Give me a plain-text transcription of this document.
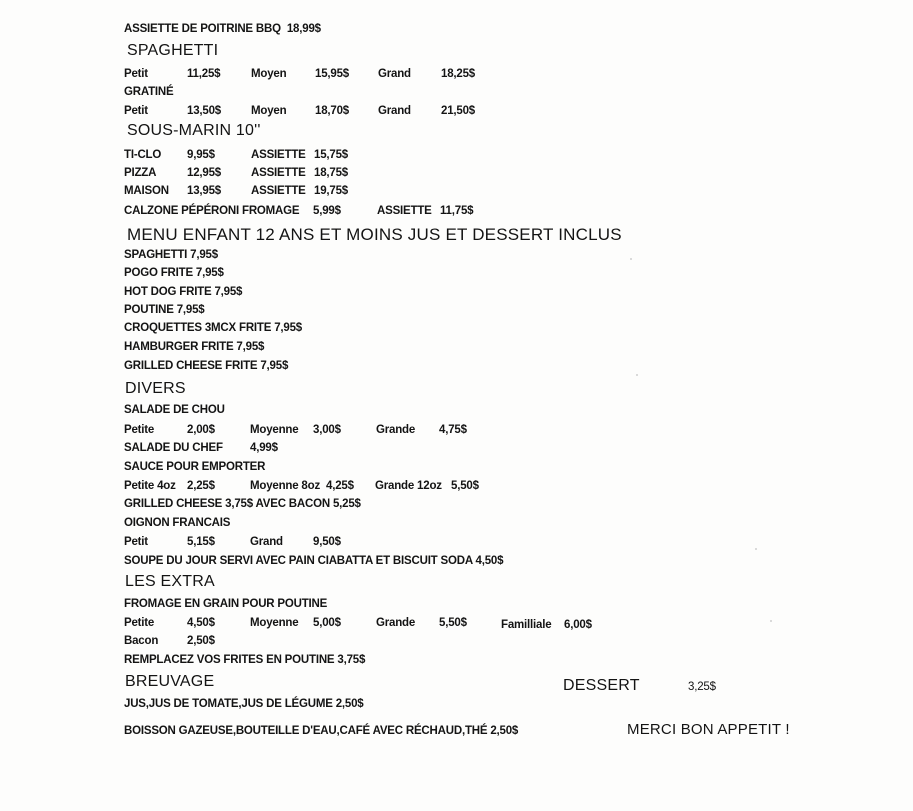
ASSIETTE DE POITRINE BBQ 18,99$
SPAGHETTI
Petit	11,25$	Moyen 15,95$	Grand	18,25$
GRATINÉ
Petit	13,50$	Moyen 18,70$	Grand	21,50$
SOUS-MARIN 10''
TI-CLO 9,95$	ASSIETTE 15,75$
PIZZA	12,95$	ASSIETTE 18,75$
MAISON 13,95$	ASSIETTE 19,75$
CALZONE PÉPÉRONI FROMAGE 5,99$	ASSIETTE 11,75$
MENU ENFANT 12 ANS ET MOINS JUS ET DESSERT INCLUS
SPAGHETTI 7,95$
POGO FRITE 7,95$
HOT DOG FRITE 7,95$
POUTINE 7,95$
CROQUETTES 3MCX FRITE 7,95$
HAMBURGER FRITE 7,95$
GRILLED CHEESE FRITE 7,95$
DIVERS
SALADE DE CHOU
Petite	2,00$	Moyenne 3,00$	Grande 4,75$
SALADE DU CHEF 4,99$
SAUCE POUR EMPORTER
Petite 4oz 2,25$	Moyenne 8oz 4,25$ Grande 12oz 5,50$
GRILLED CHEESE 3,75$ AVEC BACON 5,25$
OIGNON FRANCAIS
Petit	5,15$	Grand	9,50$
SOUPE DU JOUR SERVI AVEC PAIN CIABATTA ET BISCUIT SODA 4,50$
LES EXTRA
FROMAGE EN GRAIN POUR POUTINE
Petite	4,50$	Moyenne 5,00$	Grande 5,50$	Familliale 6,00$
Bacon	2,50$
REMPLACEZ VOS FRITES EN POUTINE 3,75$
BREUVAGE
JUS,JUS DE TOMATE,JUS DE LÉGUME 2,50$
BOISSON GAZEUSE,BOUTEILLE D'EAU,CAFÉ AVEC RÉCHAUD,THÉ 2,50$
DESSERT	3,25$
MERCI BON APPETIT !
